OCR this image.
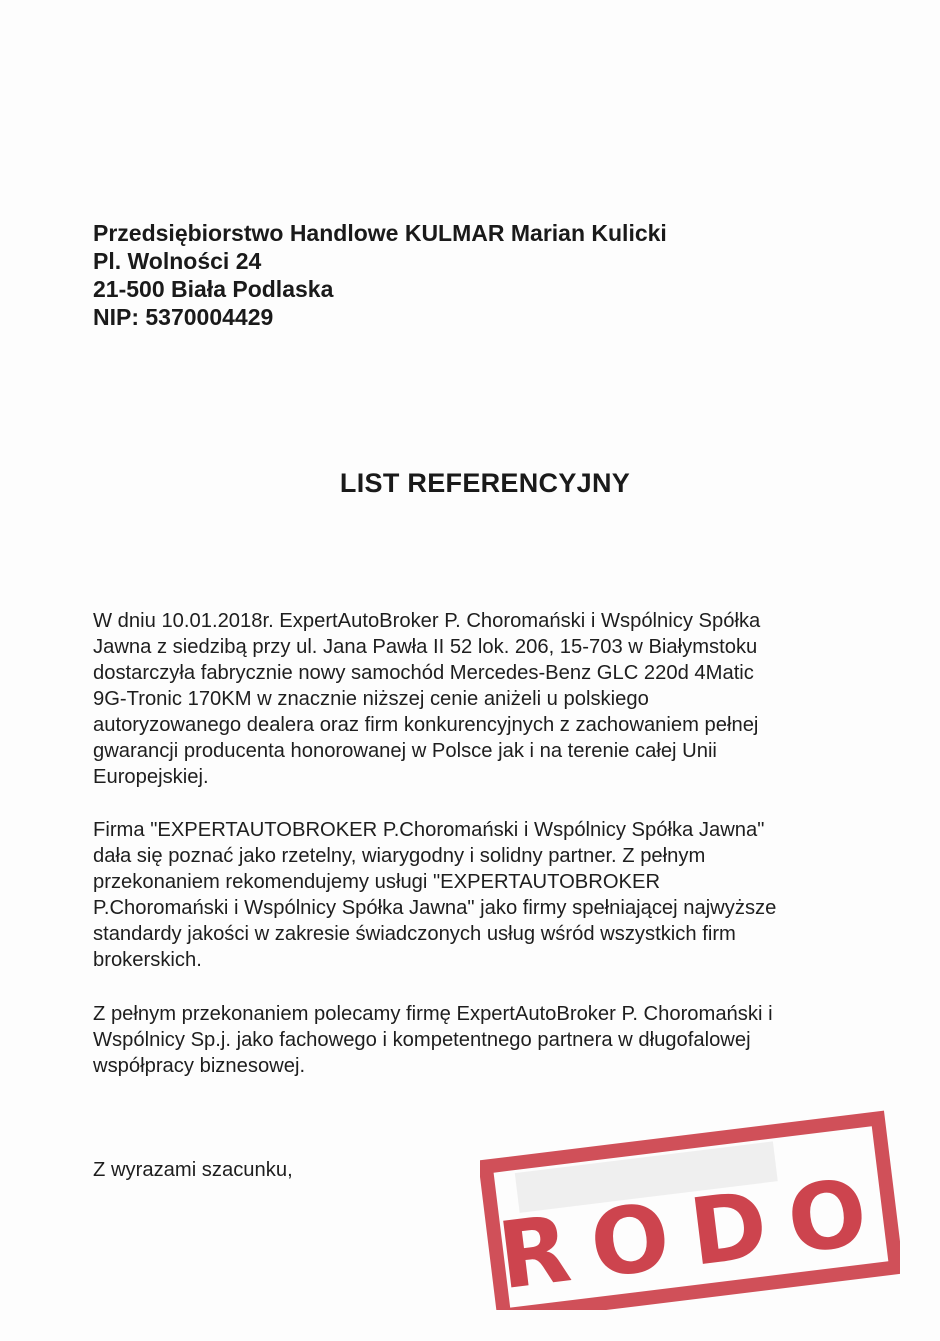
Przedsiębiorstwo Handlowe KULMAR Marian Kulicki
Pl. Wolności 24
21-500 Biała Podlaska
NIP: 5370004429
LIST REFERENCYJNY
W dniu 10.01.2018r. ExpertAutoBroker P. Choromański i Wspólnicy Spółka
Jawna z siedzibą przy ul. Jana Pawła II 52 lok. 206, 15-703 w Białymstoku
dostarczyła fabrycznie nowy samochód Mercedes-Benz GLC 220d 4Matic
9G-Tronic 170KM w znacznie niższej cenie aniżeli u polskiego
autoryzowanego dealera oraz firm konkurencyjnych z zachowaniem pełnej
gwarancji producenta honorowanej w Polsce jak i na terenie całej Unii
Europejskiej.
Firma "EXPERTAUTOBROKER P.Choromański i Wspólnicy Spółka Jawna"
dała się poznać jako rzetelny, wiarygodny i solidny partner. Z pełnym
przekonaniem rekomendujemy usługi "EXPERTAUTOBROKER
P.Choromański i Wspólnicy Spółka Jawna" jako firmy spełniającej najwyższe
standardy jakości w zakresie świadczonych usług wśród wszystkich firm
brokerskich.
Z pełnym przekonaniem polecamy firmę ExpertAutoBroker P. Choromański i
Wspólnicy Sp.j. jako fachowego i kompetentnego partnera w długofalowej
współpracy biznesowej.
Z wyrazami szacunku, RODO
